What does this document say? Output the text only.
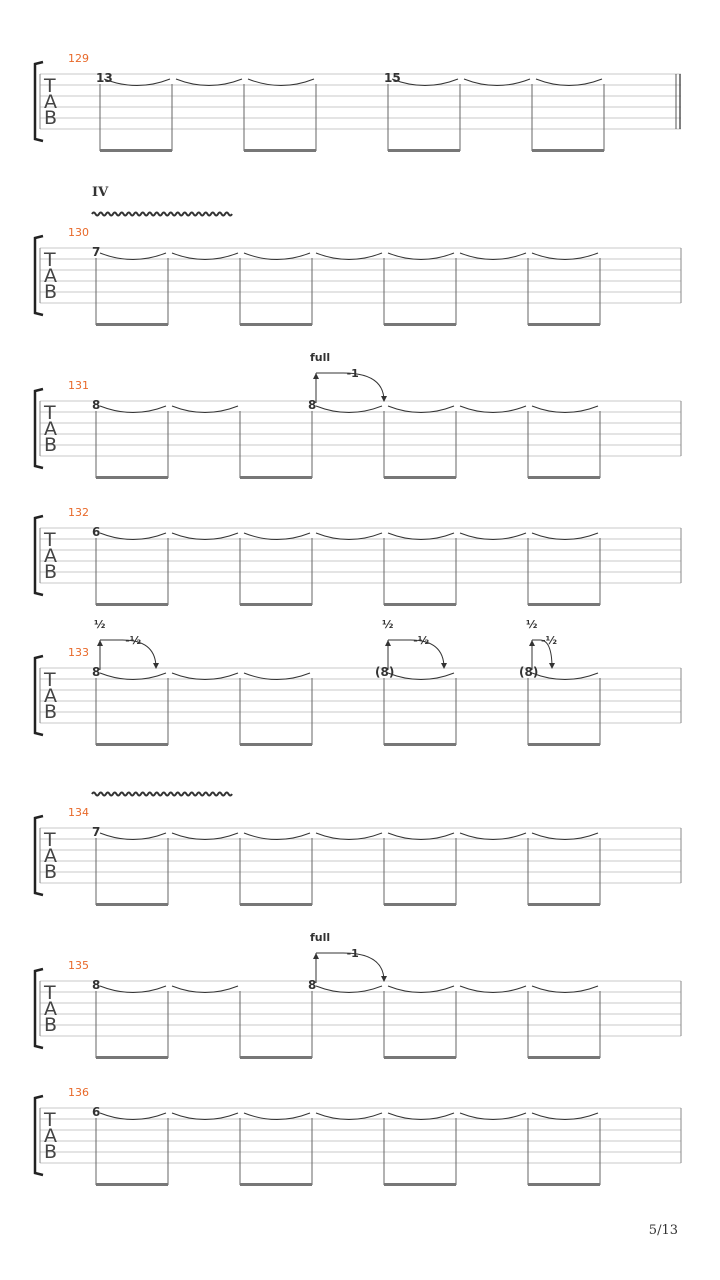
129
T
A
B
13	15
130
T
A
B
IV
7
131
T
A
B
8	8
full
-1
132
T
A
B
6
133
T
A
B
8
½
-½
(8)
½
-½
(8)
½
-½
134
T
A
B
7
135
T
A
B
8	8
full
-1
136
T
A
B
6
5/13
